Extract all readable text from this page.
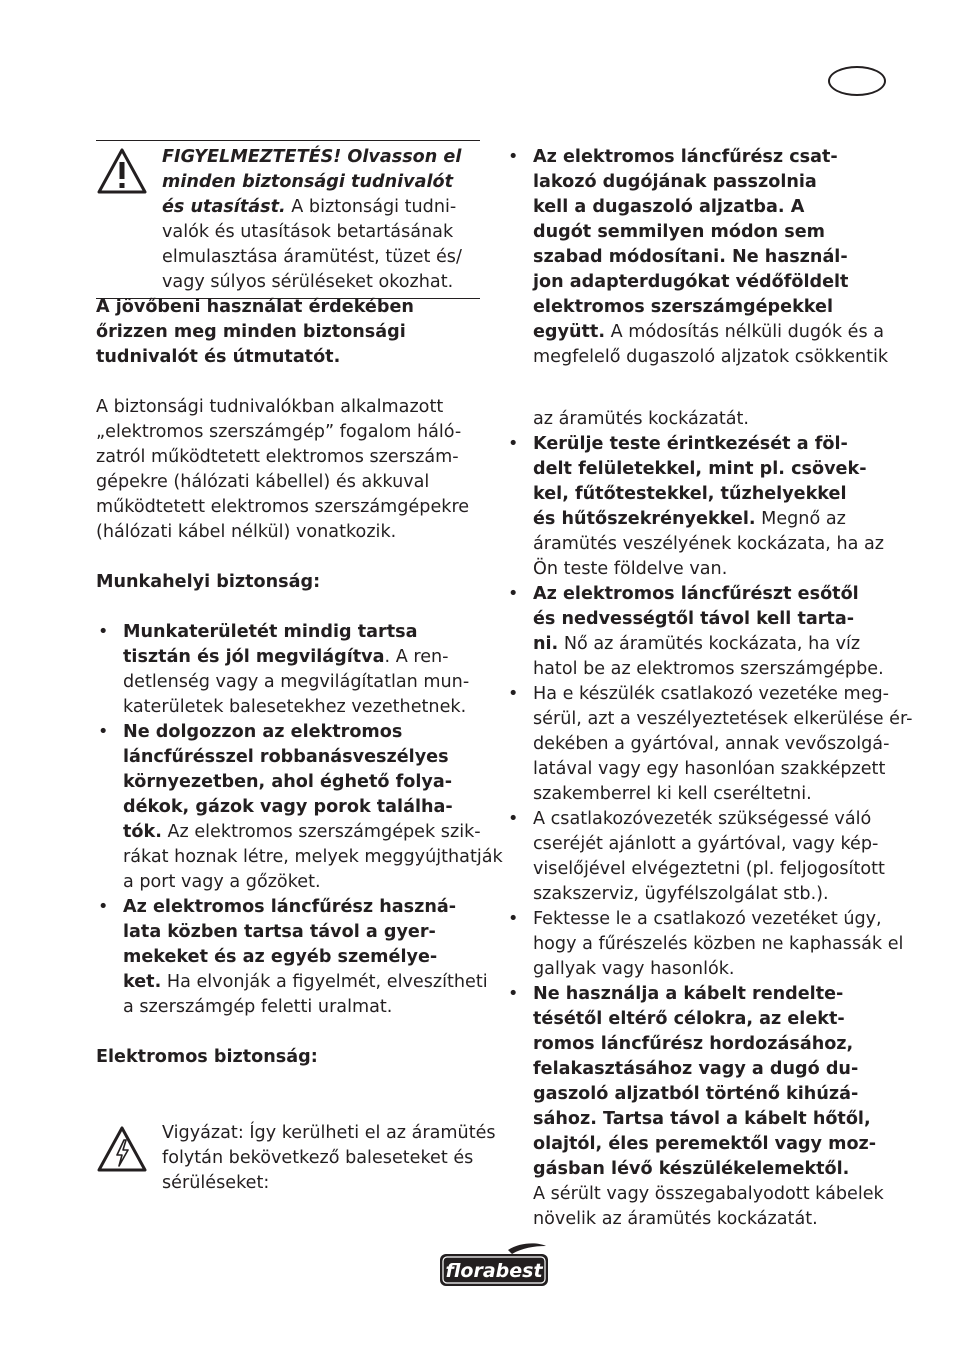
FIGYELMEZTETÉS! Olvasson el
minden biztonsági tudnivalót
és utasítást. A biztonsági tudni-
valók és utasítások betartásának
elmulasztása áramütést, tüzet és/
vagy súlyos sérüléseket okozhat.
A jövőbeni használat érdekében
őrizzen meg minden biztonsági
tudnivalót és útmutatót.
A biztonsági tudnivalókban alkalmazott
„elektromos szerszámgép” fogalom háló-
zatról működtetett elektromos szerszám-
gépekre (hálózati kábellel) és akkuval
működtetett elektromos szerszámgépekre
(hálózati kábel nélkül) vonatkozik.
Munkahelyi biztonság:
• Munkaterületét mindig tartsa
tisztán és jól megvilágítva. A ren-
detlenség vagy a megvilágítatlan mun-
katerületek balesetekhez vezethetnek.
• Ne dolgozzon az elektromos
láncfűrésszel robbanásveszélyes
környezetben, ahol éghető folya-
dékok, gázok vagy porok találha-
tók. Az elektromos szerszámgépek szik-
rákat hoznak létre, melyek meggyújthatják
a port vagy a gőzöket.
• Az elektromos láncfűrész haszná-
lata közben tartsa távol a gyer-
mekeket és az egyéb személye-
ket. Ha elvonják a figyelmét, elveszítheti
a szerszámgép feletti uralmat.
Elektromos biztonság:
Vigyázat: Így kerülheti el az áramütés
folytán bekövetkező baleseteket és
sérüléseket:
• Az elektromos láncfűrész csat-
lakozó dugójának passzolnia
kell a dugaszoló aljzatba. A
dugót semmilyen módon sem
szabad módosítani. Ne használ-
jon adapterdugókat védőföldelt
elektromos szerszámgépekkel
együtt. A módosítás nélküli dugók és a
megfelelő dugaszoló aljzatok csökkentik
az áramütés kockázatát.
• Kerülje teste érintkezését a föl-
delt felületekkel, mint pl. csövek-
kel, fűtőtestekkel, tűzhelyekkel
és hűtőszekrényekkel. Megnő az
áramütés veszélyének kockázata, ha az
Ön teste földelve van.
• Az elektromos láncfűrészt esőtől
és nedvességtől távol kell tarta-
ni. Nő az áramütés kockázata, ha víz
hatol be az elektromos szerszámgépbe.
• Ha e készülék csatlakozó vezetéke meg-
sérül, azt a veszélyeztetések elkerülése ér-
dekében a gyártóval, annak vevőszolgá-
latával vagy egy hasonlóan szakképzett
szakemberrel ki kell cseréltetni.
• A csatlakozóvezeték szükségessé váló
cseréjét ajánlott a gyártóval, vagy kép-
viselőjével elvégeztetni (pl. feljogosított
szakszerviz, ügyfélszolgálat stb.).
• Fektesse le a csatlakozó vezetéket úgy,
hogy a fűrészelés közben ne kaphassák el
gallyak vagy hasonlók.
• Ne használja a kábelt rendelte-
tésétől eltérő célokra, az elekt-
romos láncfűrész hordozásához,
felakasztásához vagy a dugó du-
gaszoló aljzatból történő kihúzá-
sához. Tartsa távol a kábelt hőtől,
olajtól, éles peremektől vagy moz-
gásban lévő készülékelemektől.
A sérült vagy összegabalyodott kábelek
növelik az áramütés kockázatát.
florabest
